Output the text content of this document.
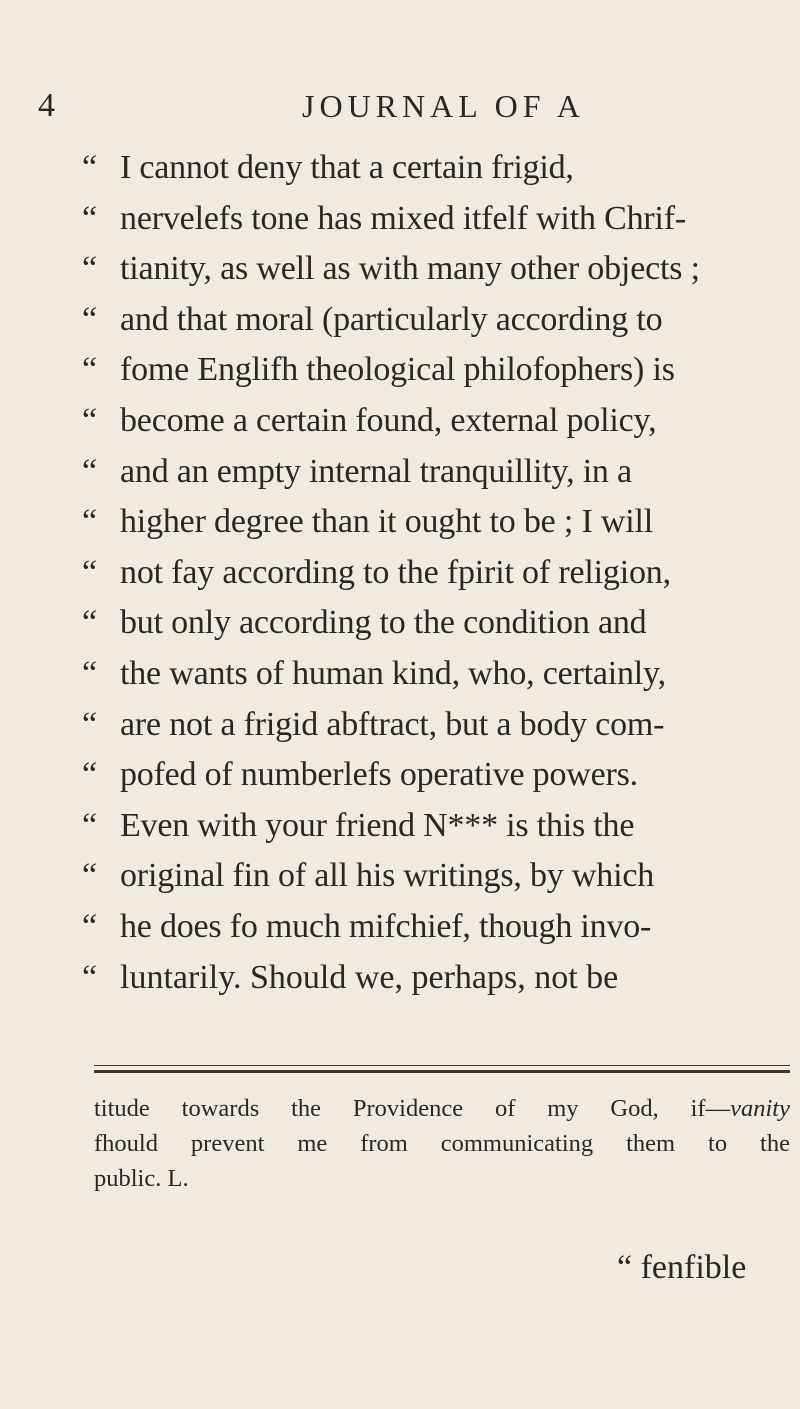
4	JOURNAL OF A
“ I cannot deny that a certain frigid,
“ nervelefs tone has mixed itfelf with Chrif-
“ tianity, as well as with many other objects ;
“ and that moral (particularly according to
“ fome Englifh theological philofophers) is
“ become a certain found, external policy,
“ and an empty internal tranquillity, in a
“ higher degree than it ought to be ; I will
“ not fay according to the fpirit of religion,
“ but only according to the condition and
“ the wants of human kind, who, certainly,
“ are not a frigid abftract, but a body com-
“ pofed of numberlefs operative powers.
“ Even with your friend N*** is this the
“ original fin of all his writings, by which
“ he does fo much mifchief, though invo-
“ luntarily. Should we, perhaps, not be
titude towards the Providence of my God, if—vanity
fhould prevent me from communicating them to the
public. L.
“ fenfible
